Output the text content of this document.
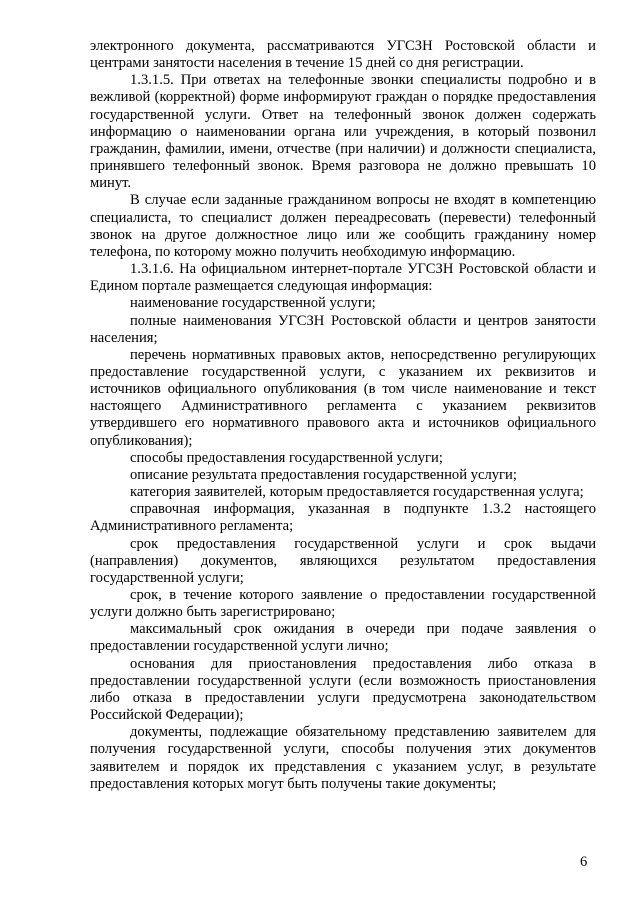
электронного документа, рассматриваются УГСЗН Ростовской области и центрами занятости населения в течение 15 дней со дня регистрации.

1.3.1.5. При ответах на телефонные звонки специалисты подробно и в вежливой (корректной) форме информируют граждан о порядке предоставления государственной услуги. Ответ на телефонный звонок должен содержать информацию о наименовании органа или учреждения, в который позвонил гражданин, фамилии, имени, отчестве (при наличии) и должности специалиста, принявшего телефонный звонок. Время разговора не должно превышать 10 минут.

В случае если заданные гражданином вопросы не входят в компетенцию специалиста, то специалист должен переадресовать (перевести) телефонный звонок на другое должностное лицо или же сообщить гражданину номер телефона, по которому можно получить необходимую информацию.

1.3.1.6. На официальном интернет-портале УГСЗН Ростовской области и Едином портале размещается следующая информация:

наименование государственной услуги;

полные наименования УГСЗН Ростовской области и центров занятости населения;

перечень нормативных правовых актов, непосредственно регулирующих предоставление государственной услуги, с указанием их реквизитов и источников официального опубликования (в том числе наименование и текст настоящего Административного регламента с указанием реквизитов утвердившего его нормативного правового акта и источников официального опубликования);

способы предоставления государственной услуги;

описание результата предоставления государственной услуги;

категория заявителей, которым предоставляется государственная услуга;

справочная информация, указанная в подпункте 1.3.2 настоящего Административного регламента;

срок предоставления государственной услуги и срок выдачи (направления) документов, являющихся результатом предоставления государственной услуги;

срок, в течение которого заявление о предоставлении государственной услуги должно быть зарегистрировано;

максимальный срок ожидания в очереди при подаче заявления о предоставлении государственной услуги лично;

основания для приостановления предоставления либо отказа в предоставлении государственной услуги (если возможность приостановления либо отказа в предоставлении услуги предусмотрена законодательством Российской Федерации);

документы, подлежащие обязательному представлению заявителем для получения государственной услуги, способы получения этих документов заявителем и порядок их представления с указанием услуг, в результате предоставления которых могут быть получены такие документы;

6
